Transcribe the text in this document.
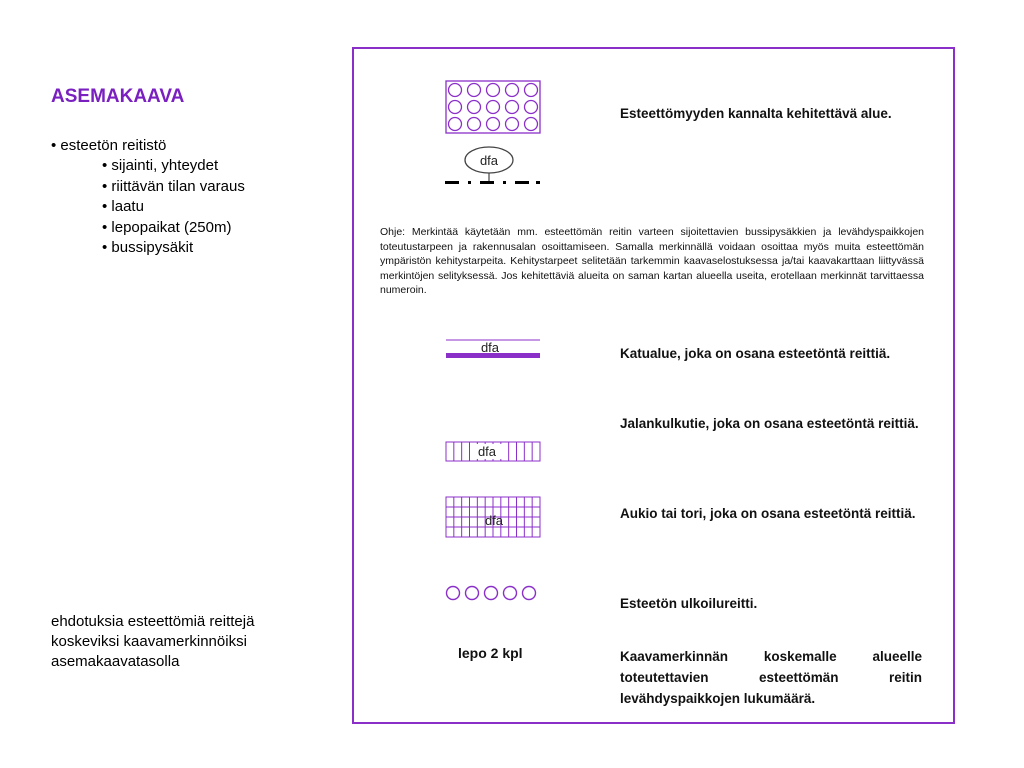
ASEMAKAAVA
• esteetön reitistö
• sijainti, yhteydet
• riittävän tilan varaus
• laatu
• lepopaikat (250m)
• bussipysäkit
ehdotuksia esteettömiä reittejä
koskeviksi kaavamerkinnöiksi
asemakaavatasolla
dfa
dfa
dfa
dfa
Esteettömyyden kannalta kehitettävä alue.
Ohje: Merkintää käytetään mm. esteettömän reitin varteen sijoitettavien bussipysäkkien ja levähdyspaikkojen toteutustarpeen ja rakennusalan osoittamiseen. Samalla merkinnällä voidaan osoittaa myös muita esteettömän ympäristön kehitystarpeita. Kehitystarpeet selitetään tarkemmin kaavaselostuksessa ja/tai kaavakarttaan liittyvässä merkintöjen selityksessä. Jos kehitettäviä alueita on saman kartan alueella useita, erotellaan merkinnät tarvittaessa numeroin.
Katualue, joka on osana esteetöntä reittiä.
Jalankulkutie, joka on osana esteetöntä reittiä.
Aukio tai tori, joka on osana esteetöntä reittiä.
Esteetön ulkoilureitti.
lepo 2 kpl	Kaavamerkinnän koskemalle alueelle toteutettavien esteettömän reitin levähdyspaikkojen lukumäärä.
